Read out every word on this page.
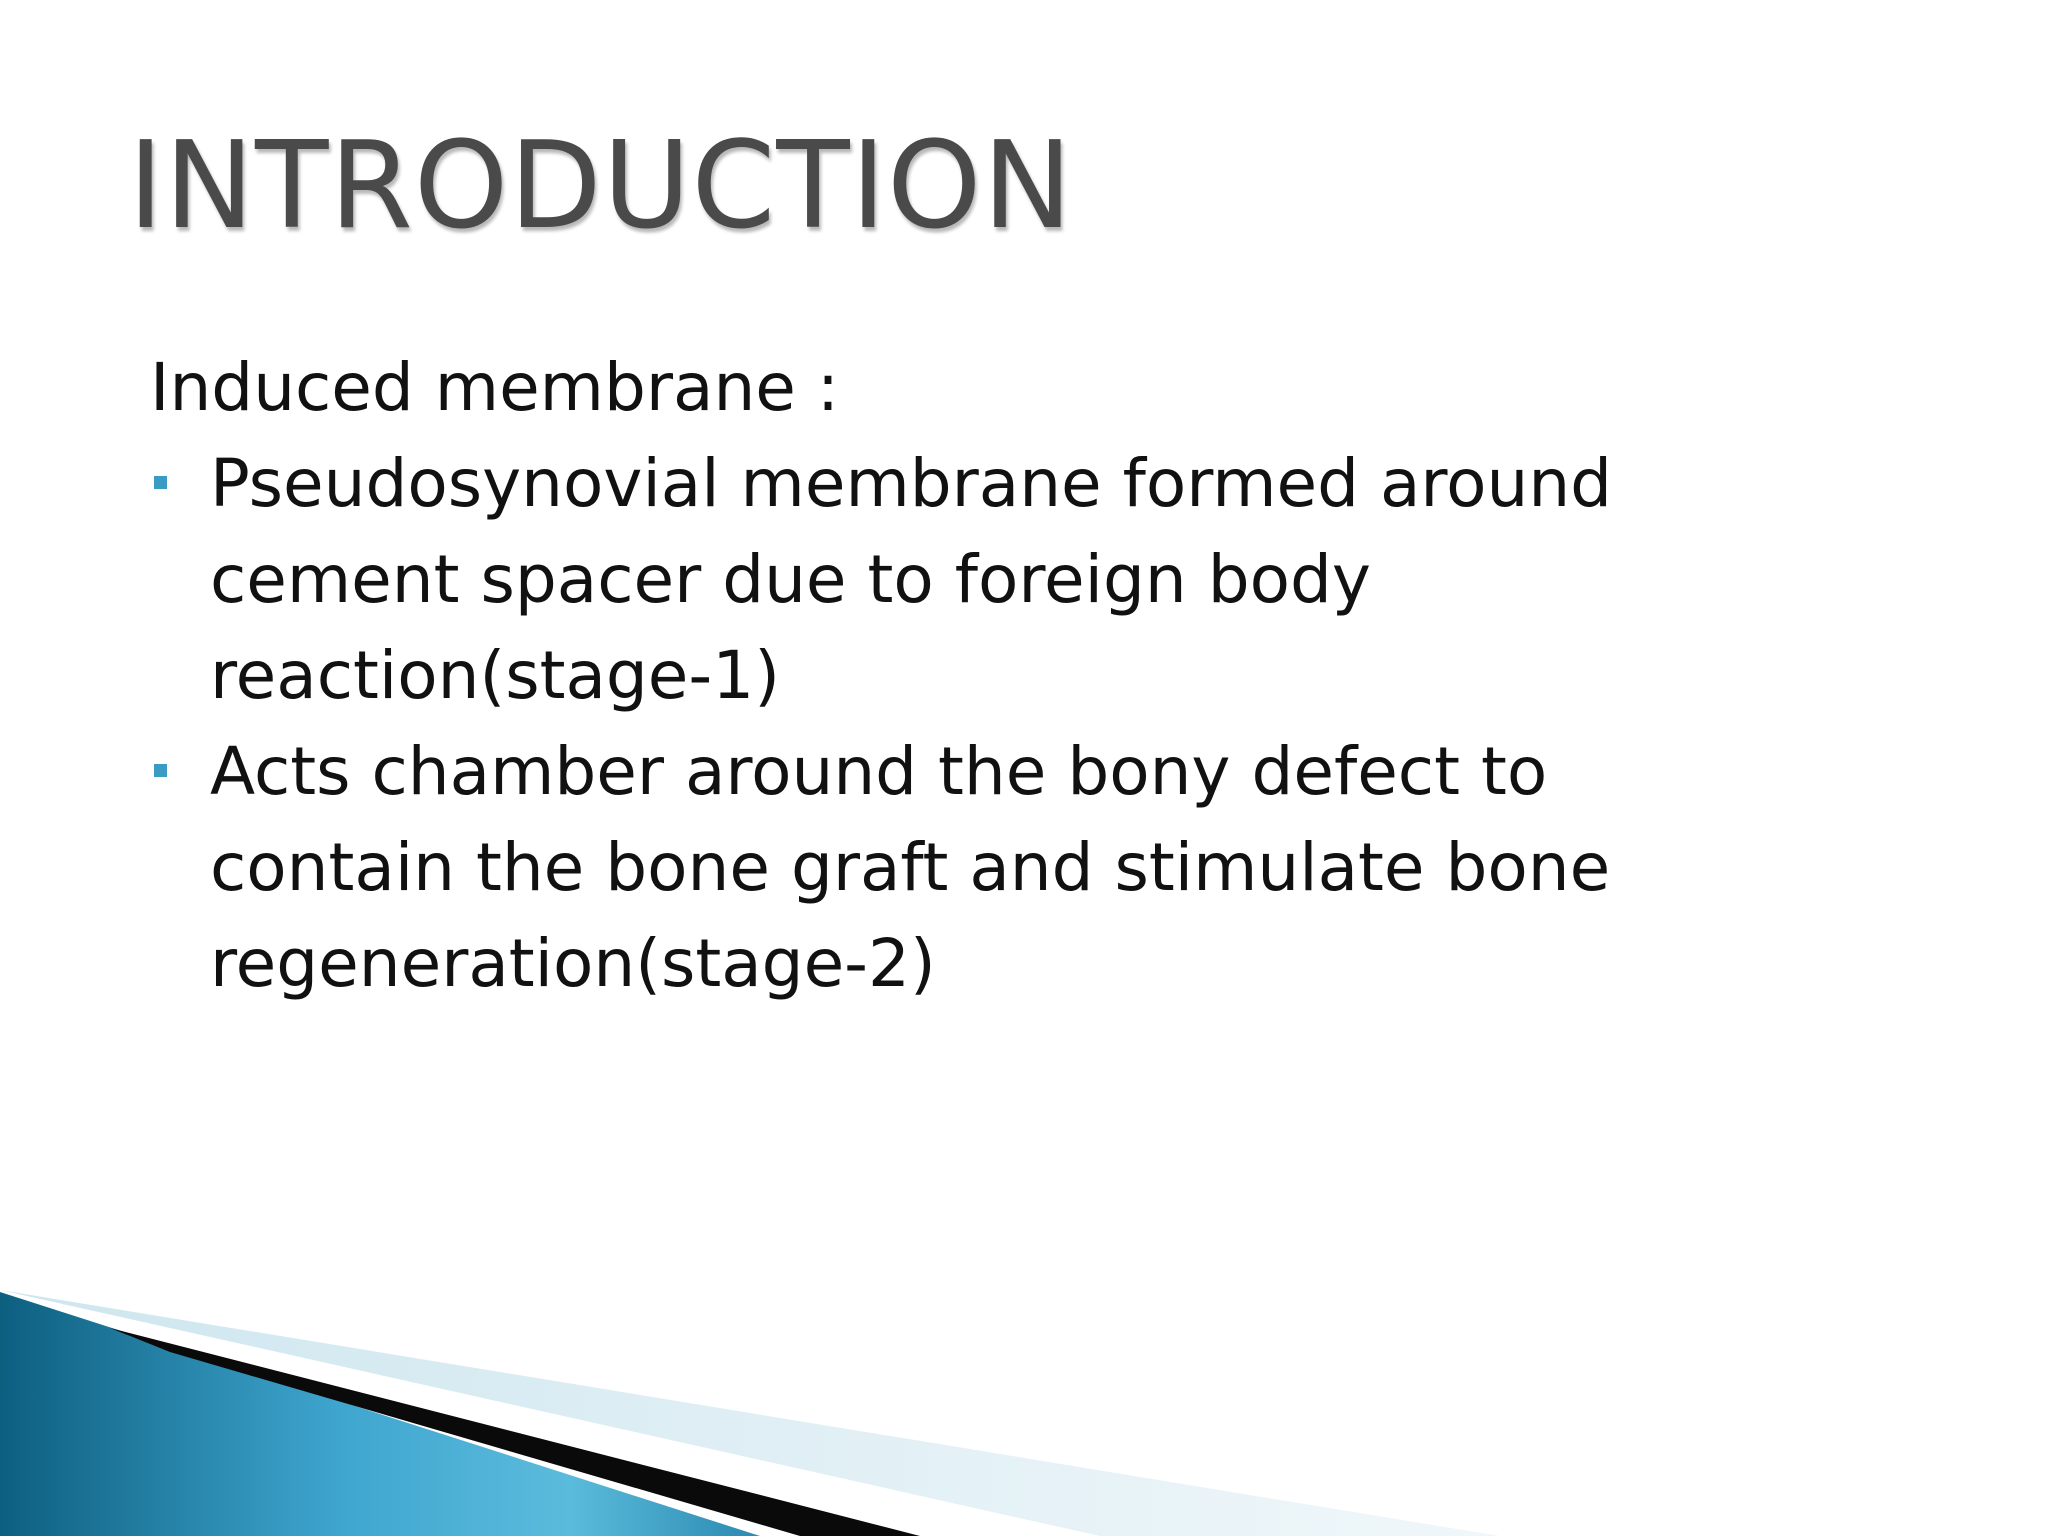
INTRODUCTION

Induced membrane :

Pseudosynovial membrane formed around
cement spacer due to foreign body
reaction(stage-1)
Acts chamber around the bony defect to
contain the bone graft and stimulate bone
regeneration(stage-2)
